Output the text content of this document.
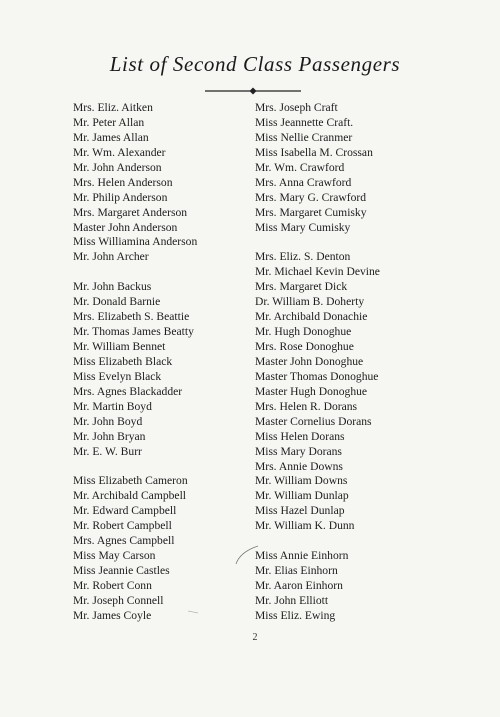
List of Second Class Passengers
Mrs. Eliz. Aitken
Mr. Peter Allan
Mr. James Allan
Mr. Wm. Alexander
Mr. John Anderson
Mrs. Helen Anderson
Mr. Philip Anderson
Mrs. Margaret Anderson
Master John Anderson
Miss Williamina Anderson
Mr. John Archer
Mr. John Backus
Mr. Donald Barnie
Mrs. Elizabeth S. Beattie
Mr. Thomas James Beatty
Mr. William Bennet
Miss Elizabeth Black
Miss Evelyn Black
Mrs. Agnes Blackadder
Mr. Martin Boyd
Mr. John Boyd
Mr. John Bryan
Mr. E. W. Burr
Miss Elizabeth Cameron
Mr. Archibald Campbell
Mr. Edward Campbell
Mr. Robert Campbell
Mrs. Agnes Campbell
Miss May Carson
Miss Jeannie Castles
Mr. Robert Conn
Mr. Joseph Connell
Mr. James Coyle
Mrs. Joseph Craft
Miss Jeannette Craft.
Miss Nellie Cranmer
Miss Isabella M. Crossan
Mr. Wm. Crawford
Mrs. Anna Crawford
Mrs. Mary G. Crawford
Mrs. Margaret Cumisky
Miss Mary Cumisky
Mrs. Eliz. S. Denton
Mr. Michael Kevin Devine
Mrs. Margaret Dick
Dr. William B. Doherty
Mr. Archibald Donachie
Mr. Hugh Donoghue
Mrs. Rose Donoghue
Master John Donoghue
Master Thomas Donoghue
Master Hugh Donoghue
Mrs. Helen R. Dorans
Master Cornelius Dorans
Miss Helen Dorans
Miss Mary Dorans
Mrs. Annie Downs
Mr. William Downs
Mr. William Dunlap
Miss Hazel Dunlap
Mr. William K. Dunn
Miss Annie Einhorn
Mr. Elias Einhorn
Mr. Aaron Einhorn
Mr. John Elliott
Miss Eliz. Ewing
2
